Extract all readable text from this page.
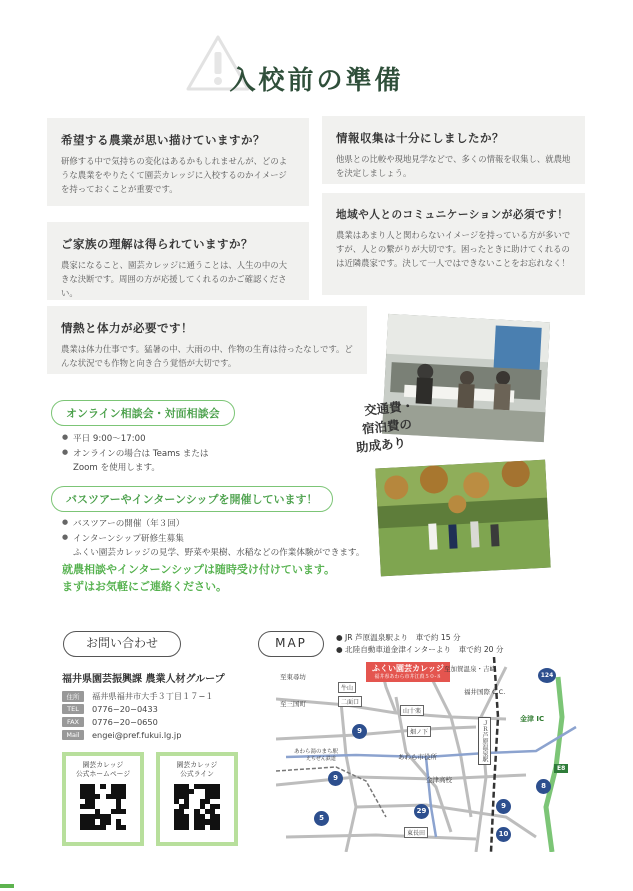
入校前の準備
希望する農業が思い描けていますか？
研修する中で気持ちの変化はあるかもしれませんが、どのような農業をやりたくて園芸カレッジに入校するのかイメージを持っておくことが重要です。
ご家族の理解は得られていますか？
農家になること、園芸カレッジに通うことは、人生の中の大きな決断です。周囲の方が応援してくれるのかご確認ください。
情熱と体力が必要です！
農業は体力仕事です。猛暑の中、大雨の中、作物の生育は待ったなしです。どんな状況でも作物と向き合う覚悟が大切です。
情報収集は十分にしましたか？
他県との比較や現地見学などで、多くの情報を収集し、就農地を決定しましょう。
地域や人とのコミュニケーションが必須です！
農業はあまり人と関わらないイメージを持っている方が多いですが、人との繋がりが大切です。困ったときに助けてくれるのは近隣農家です。決して一人ではできないことをお忘れなく！
交通費・
宿泊費の
助成あり
オンライン相談会・対面相談会
● 平日 9:00～17:00
● オンラインの場合は Teams または
Zoom を使用します。
バスツアーやインターンシップを開催しています！
● バスツアーの開催（年３回）
● インターンシップ研修生募集
ふくい園芸カレッジの見学、野菜や果樹、水稲などの作業体験ができます。
就農相談やインターンシップは随時受け付けています。
まずはお気軽にご連絡ください。
お問い合わせ
福井県園芸振興課 農業人材グループ
住所	福井県福井市大手３丁目１７−１
TEL	0776−20−0433
FAX	0776−20−0650
Mail	engei@pref.fukui.lg.jp
園芸カレッジ
公式ホームページ
園芸カレッジ
公式ライン
MAP	● JR 芦原温泉駅より　車で約 15 分
● 北陸自動車道金津インターより　車で約 20 分
ふくい園芸カレッジ
福井県あわら市井江葭５０‐８
至東尋坊
至三国町
至加賀温泉・吉崎
福井国際 C.C.
牛山
二面口
山十楽
畑ノ下
あわら市役所
金津高校
あわら湯のまち駅
えちぜん鉄道
東長田
金津 IC
ＪＲ芦原温泉駅
9
9
9
29
5
10
8
124
E8
